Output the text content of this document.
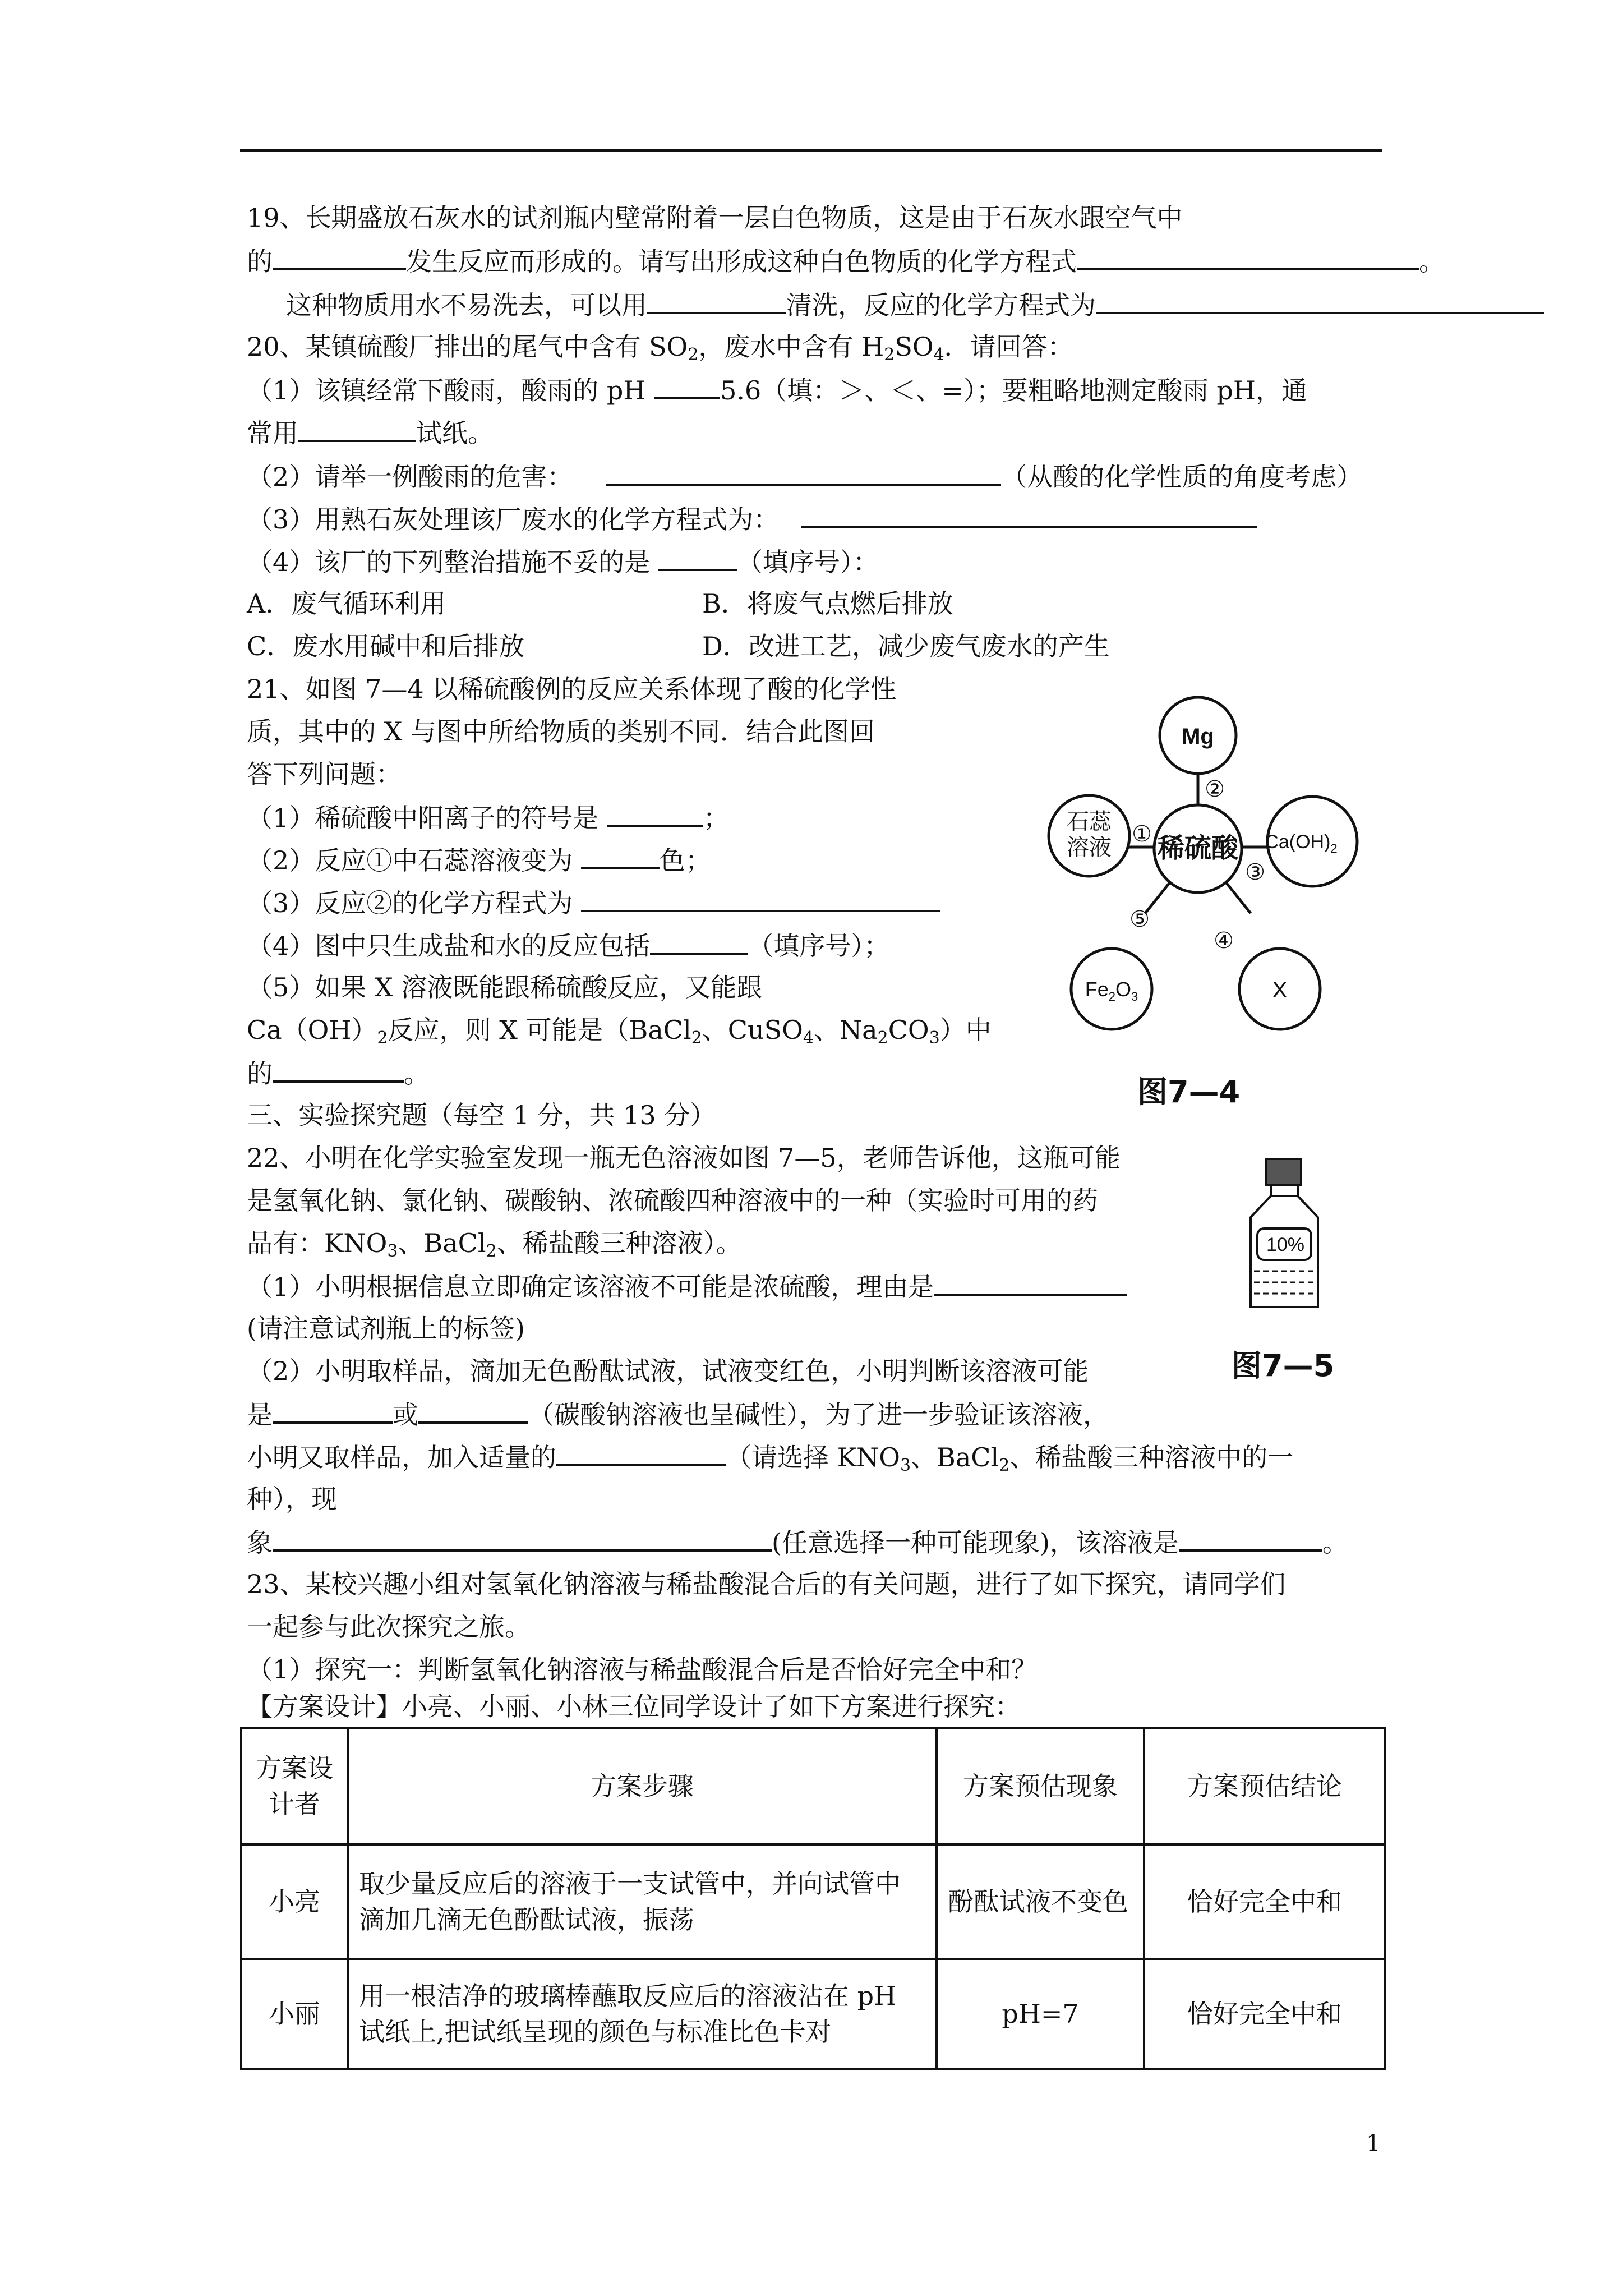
19、长期盛放石灰水的试剂瓶内壁常附着一层白色物质，这是由于石灰水跟空气中
的	发生反应而形成的。请写出形成这种白色物质的化学方程式	。
这种物质用水不易洗去，可以用	清洗，反应的化学方程式为
20、某镇硫酸厂排出的尾气中含有 $SO_2$，废水中含有 $H_2SO_4$．请回答：
（1）该镇经常下酸雨，酸雨的 pH	5.6（填：＞、＜、=）；要粗略地测定酸雨 pH，通
常用	试纸。
（2）请举一例酸雨的危害：	（从酸的化学性质的角度考虑）
（3）用熟石灰处理该厂废水的化学方程式为：
（4）该厂的下列整治措施不妥的是	（填序号）：
A．废气循环利用	B．将废气点燃后排放
C．废水用碱中和后排放	D．改进工艺，减少废气废水的产生
21、如图 7—4 以稀硫酸例的反应关系体现了酸的化学性
质，其中的 X 与图中所给物质的类别不同．结合此图回
答下列问题：
（1）稀硫酸中阳离子的符号是	；
（2）反应①中石蕊溶液变为	色；
（3）反应②的化学方程式为
（4）图中只生成盐和水的反应包括	（填序号）；
（5）如果 X 溶液既能跟稀硫酸反应，又能跟
$Ca(OH)_2$反应，则 X 可能是（BaCl$_2$、CuSO$_4$、$Na_2CO_3$）中
的	。
Mg
石蕊
溶液 稀硫酸 $Ca(OH)_2$
$Fe_2O_3$	X
①
②
③
④
⑤
图7—4
三、实验探究题（每空 1 分，共 13 分）
22、小明在化学实验室发现一瓶无色溶液如图 7—5，老师告诉他，这瓶可能
是氢氧化钠、氯化钠、碳酸钠、浓硫酸四种溶液中的一种（实验时可用的药
品有：$KNO_3$、BaCl$_2$、稀盐酸三种溶液）。
（1）小明根据信息立即确定该溶液不可能是浓硫酸，理由是
(请注意试剂瓶上的标签)
（2）小明取样品，滴加无色酚酞试液，试液变红色，小明判断该溶液可能
是	或	（碳酸钠溶液也呈碱性），为了进一步验证该溶液，
小明又取样品，加入适量的	（请选择 $KNO_3$、BaCl$_2$、稀盐酸三种溶液中的一
种），现
象	(任意选择一种可能现象)，该溶液是	。
10%
图7—5
23、某校兴趣小组对氢氧化钠溶液与稀盐酸混合后的有关问题，进行了如下探究，请同学们
一起参与此次探究之旅。
（1）探究一：判断氢氧化钠溶液与稀盐酸混合后是否恰好完全中和？
【方案设计】小亮、小丽、小林三位同学设计了如下方案进行探究：
方案设计者	方案步骤	方案预估现象	方案预估结论
小亮	取少量反应后的溶液于一支试管中，并向试管中滴加几滴无色酚酞试液，振荡	酚酞试液不变色	恰好完全中和
小丽	用一根洁净的玻璃棒蘸取反应后的溶液沾在 pH 试纸上,把试纸呈现的颜色与标准比色卡对	pH=7	恰好完全中和
1
